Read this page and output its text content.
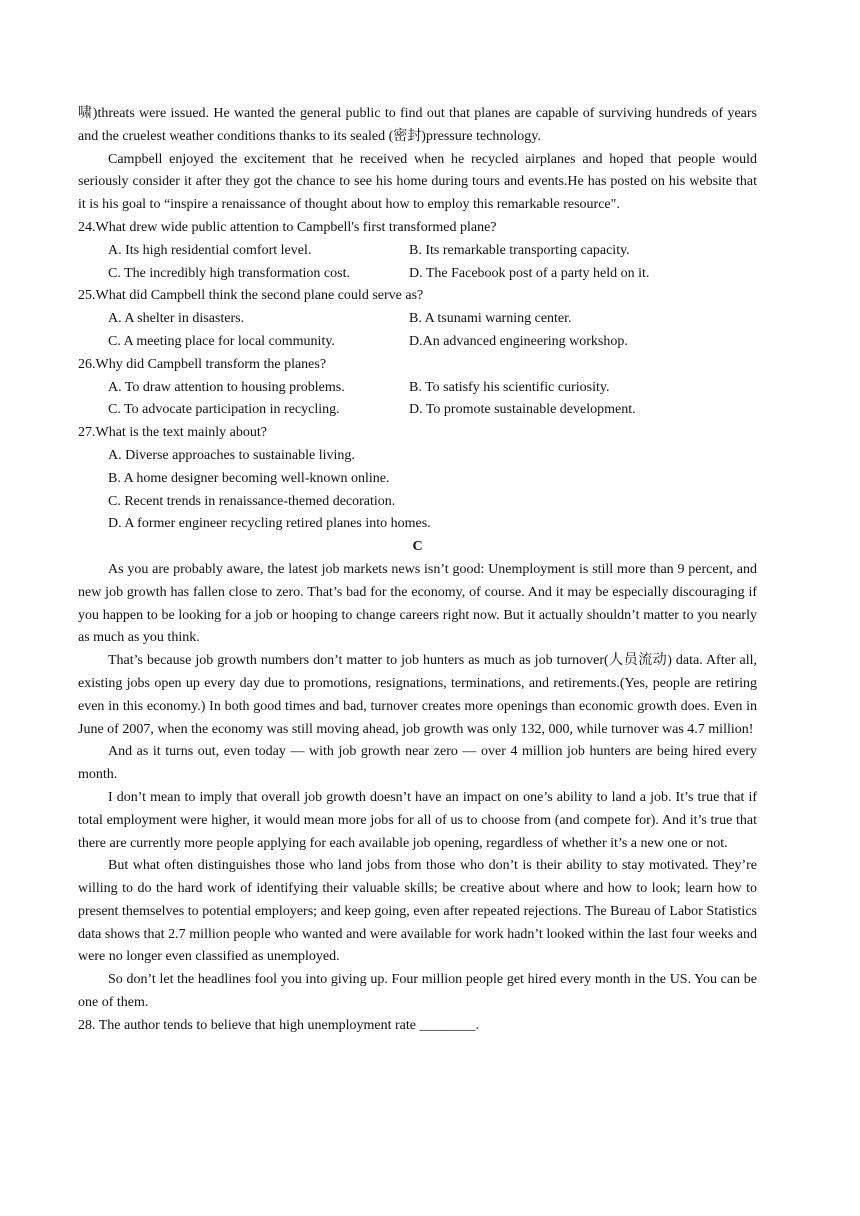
啸)threats were issued. He wanted the general public to find out that planes are capable of surviving hundreds of years and the cruelest weather conditions thanks to its sealed (密封)pressure technology.

Campbell enjoyed the excitement that he received when he recycled airplanes and hoped that people would seriously consider it after they got the chance to see his home during tours and events.He has posted on his website that it is his goal to “inspire a renaissance of thought about how to employ this remarkable resource".

24.What drew wide public attention to Campbell's first transformed plane?

A. Its high residential comfort level.	B. Its remarkable transporting capacity.
C. The incredibly high transformation cost.	D. The Facebook post of a party held on it.

25.What did Campbell think the second plane could serve as?

A. A shelter in disasters.	B. A tsunami warning center.
C. A meeting place for local community.	D.An advanced engineering workshop.

26.Why did Campbell transform the planes?

A. To draw attention to housing problems.	B. To satisfy his scientific curiosity.
C. To advocate participation in recycling.	D. To promote sustainable development.

27.What is the text mainly about?

A. Diverse approaches to sustainable living.

B. A home designer becoming well-known online.

C. Recent trends in renaissance-themed decoration.

D. A former engineer recycling retired planes into homes.

C

As you are probably aware, the latest job markets news isn’t good: Unemployment is still more than 9 percent, and new job growth has fallen close to zero. That’s bad for the economy, of course. And it may be especially discouraging if you happen to be looking for a job or hooping to change careers right now. But it actually shouldn’t matter to you nearly as much as you think.

That’s because job growth numbers don’t matter to job hunters as much as job turnover(人员流动) data. After all, existing jobs open up every day due to promotions, resignations, terminations, and retirements.(Yes, people are retiring even in this economy.) In both good times and bad, turnover creates more openings than economic growth does. Even in June of 2007, when the economy was still moving ahead, job growth was only 132, 000, while turnover was 4.7 million!

And as it turns out, even today — with job growth near zero — over 4 million job hunters are being hired every month.

I don’t mean to imply that overall job growth doesn’t have an impact on one’s ability to land a job. It’s true that if total employment were higher, it would mean more jobs for all of us to choose from (and compete for). And it’s true that there are currently more people applying for each available job opening, regardless of whether it’s a new one or not.

But what often distinguishes those who land jobs from those who don’t is their ability to stay motivated. They’re willing to do the hard work of identifying their valuable skills; be creative about where and how to look; learn how to present themselves to potential employers; and keep going, even after repeated rejections. The Bureau of Labor Statistics data shows that 2.7 million people who wanted and were available for work hadn’t looked within the last four weeks and were no longer even classified as unemployed.

So don’t let the headlines fool you into giving up. Four million people get hired every month in the US. You can be one of them.

28. The author tends to believe that high unemployment rate ________.
